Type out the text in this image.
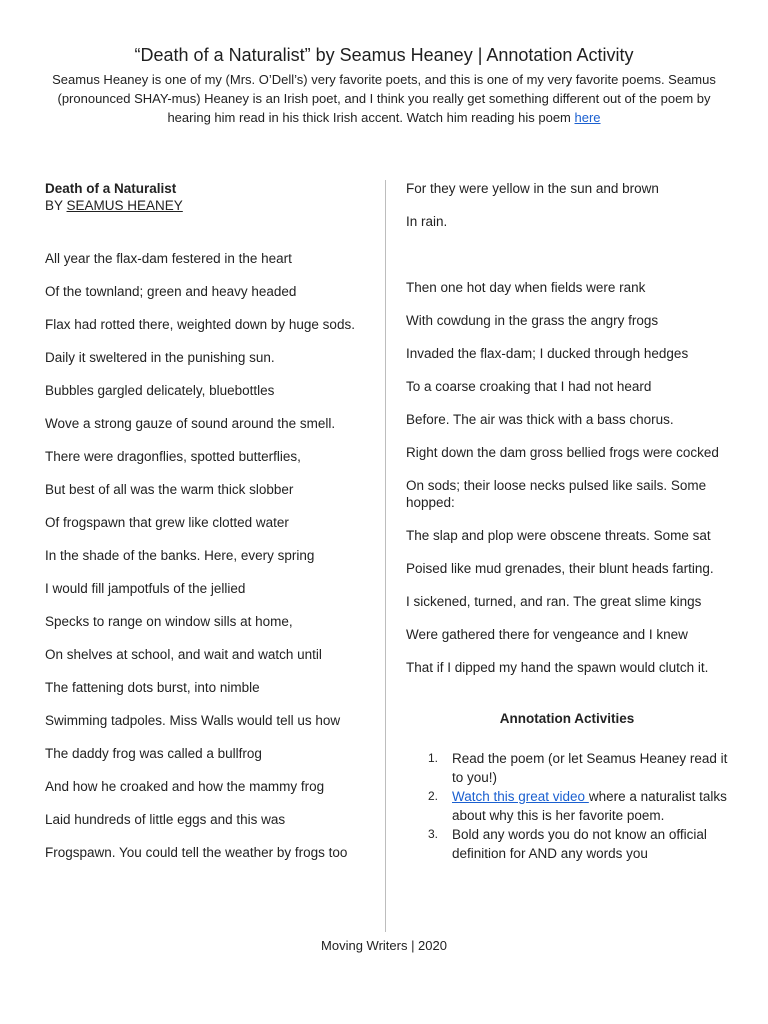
“Death of a Naturalist” by Seamus Heaney | Annotation Activity

Seamus Heaney is one of my (Mrs. O’Dell’s) very favorite poets, and this is one of my very favorite poems. Seamus (pronounced SHAY-mus) Heaney is an Irish poet, and I think you really get something different out of the poem by hearing him read in his thick Irish accent. Watch him reading his poem here

Death of a Naturalist

BY SEAMUS HEANEY

All year the flax-dam festered in the heart

Of the townland; green and heavy headed

Flax had rotted there, weighted down by huge sods.

Daily it sweltered in the punishing sun.

Bubbles gargled delicately, bluebottles

Wove a strong gauze of sound around the smell.

There were dragonflies, spotted butterflies,

But best of all was the warm thick slobber

Of frogspawn that grew like clotted water

In the shade of the banks. Here, every spring

I would fill jampotfuls of the jellied

Specks to range on window sills at home,

On shelves at school, and wait and watch until

The fattening dots burst, into nimble

Swimming tadpoles. Miss Walls would tell us how

The daddy frog was called a bullfrog

And how he croaked and how the mammy frog

Laid hundreds of little eggs and this was

Frogspawn. You could tell the weather by frogs too

For they were yellow in the sun and brown

In rain.

Then one hot day when fields were rank

With cowdung in the grass the angry frogs

Invaded the flax-dam; I ducked through hedges

To a coarse croaking that I had not heard

Before. The air was thick with a bass chorus.

Right down the dam gross bellied frogs were cocked

On sods; their loose necks pulsed like sails. Some hopped:

The slap and plop were obscene threats. Some sat

Poised like mud grenades, their blunt heads farting.

I sickened, turned, and ran. The great slime kings

Were gathered there for vengeance and I knew

That if I dipped my hand the spawn would clutch it.

Annotation Activities

1. Read the poem (or let Seamus Heaney read it to you!)
2. Watch this great video where a naturalist talks about why this is her favorite poem.
3. Bold any words you do not know an official definition for AND any words you
Moving Writers | 2020
